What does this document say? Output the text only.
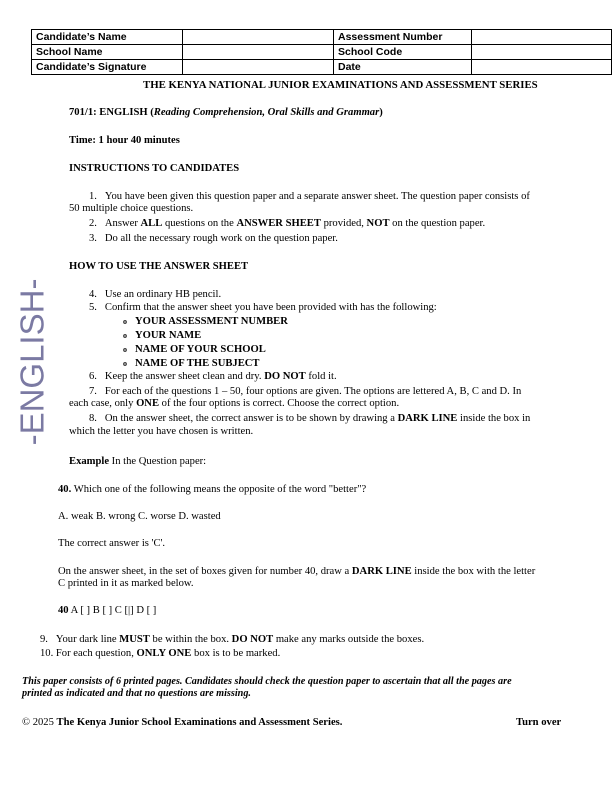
Candidate’s Name		Assessment Number	
School Name		School Code	
Candidate’s Signature		Date	
THE KENYA NATIONAL JUNIOR EXAMINATIONS AND ASSESSMENT SERIES
701/1: ENGLISH (Reading Comprehension, Oral Skills and Grammar)
Time: 1 hour 40 minutes
INSTRUCTIONS TO CANDIDATES
1.   You have been given this question paper and a separate answer sheet. The question paper consists of
50 multiple choice questions.
2.   Answer ALL questions on the ANSWER SHEET provided, NOT on the question paper.
3.   Do all the necessary rough work on the question paper.
-ENGLISH-
HOW TO USE THE ANSWER SHEET
4.   Use an ordinary HB pencil.
5.   Confirm that the answer sheet you have been provided with has the following:
o YOUR ASSESSMENT NUMBER
o YOUR NAME
o NAME OF YOUR SCHOOL
o NAME OF THE SUBJECT
6.   Keep the answer sheet clean and dry. DO NOT fold it.
7.   For each of the questions 1 – 50, four options are given. The options are lettered A, B, C and D. In
each case, only ONE of the four options is correct. Choose the correct option.
8.   On the answer sheet, the correct answer is to be shown by drawing a DARK LINE inside the box in
which the letter you have chosen is written.
Example In the Question paper:
40. Which one of the following means the opposite of the word "better"?
A. weak B. wrong C. worse D. wasted
The correct answer is 'C'.
On the answer sheet, in the set of boxes given for number 40, draw a DARK LINE inside the box with the letter
C printed in it as marked below.
40 A [ ] B [ ] C [|] D [ ]
9.   Your dark line MUST be within the box. DO NOT make any marks outside the boxes.
10. For each question, ONLY ONE box is to be marked.
This paper consists of 6 printed pages. Candidates should check the question paper to ascertain that all the pages are
printed as indicated and that no questions are missing.
© 2025 The Kenya Junior School Examinations and Assessment Series.	Turn over
